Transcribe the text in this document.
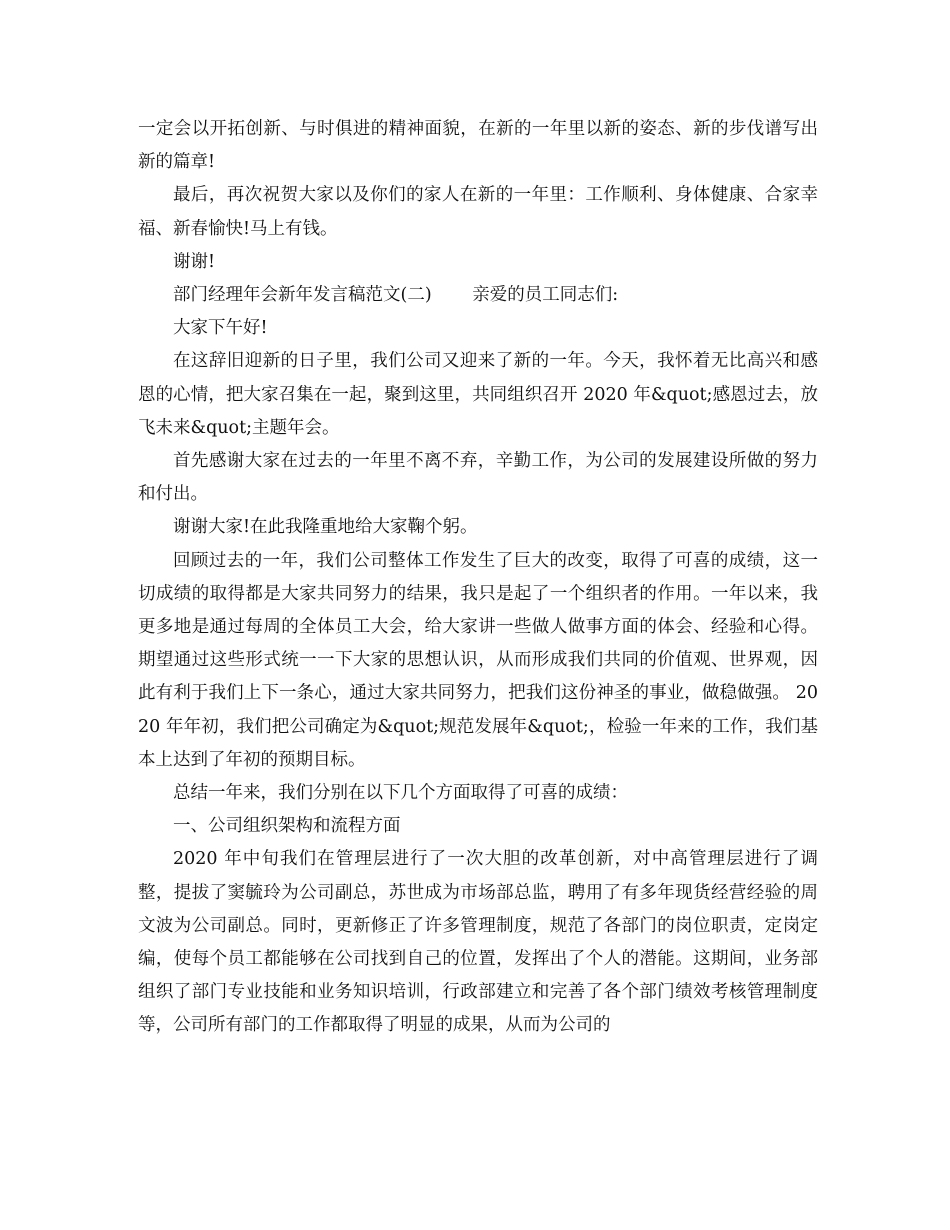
一定会以开拓创新、与时俱进的精神面貌，在新的一年里以新的姿态、新的步伐谱写出新的篇章!

最后，再次祝贺大家以及你们的家人在新的一年里：工作顺利、身体健康、合家幸福、新春愉快!马上有钱。

谢谢!

部门经理年会新年发言稿范文(二)　　 亲爱的员工同志们:

大家下午好!

在这辞旧迎新的日子里，我们公司又迎来了新的一年。今天，我怀着无比高兴和感恩的心情，把大家召集在一起，聚到这里，共同组织召开 2020 年&quot;感恩过去，放飞未来&quot;主题年会。

首先感谢大家在过去的一年里不离不弃，辛勤工作，为公司的发展建设所做的努力和付出。

谢谢大家!在此我隆重地给大家鞠个躬。

回顾过去的一年，我们公司整体工作发生了巨大的改变，取得了可喜的成绩，这一切成绩的取得都是大家共同努力的结果，我只是起了一个组织者的作用。一年以来，我更多地是通过每周的全体员工大会，给大家讲一些做人做事方面的体会、经验和心得。期望通过这些形式统一一下大家的思想认识，从而形成我们共同的价值观、世界观，因此有利于我们上下一条心，通过大家共同努力，把我们这份神圣的事业，做稳做强。 2020 年年初，我们把公司确定为&quot;规范发展年&quot;，检验一年来的工作，我们基本上达到了年初的预期目标。

总结一年来，我们分别在以下几个方面取得了可喜的成绩：

一、公司组织架构和流程方面

2020 年中旬我们在管理层进行了一次大胆的改革创新，对中高管理层进行了调整，提拔了窦毓玲为公司副总，苏世成为市场部总监，聘用了有多年现货经营经验的周文波为公司副总。同时，更新修正了许多管理制度，规范了各部门的岗位职责，定岗定编，使每个员工都能够在公司找到自己的位置，发挥出了个人的潜能。这期间，业务部组织了部门专业技能和业务知识培训，行政部建立和完善了各个部门绩效考核管理制度等，公司所有部门的工作都取得了明显的成果，从而为公司的
